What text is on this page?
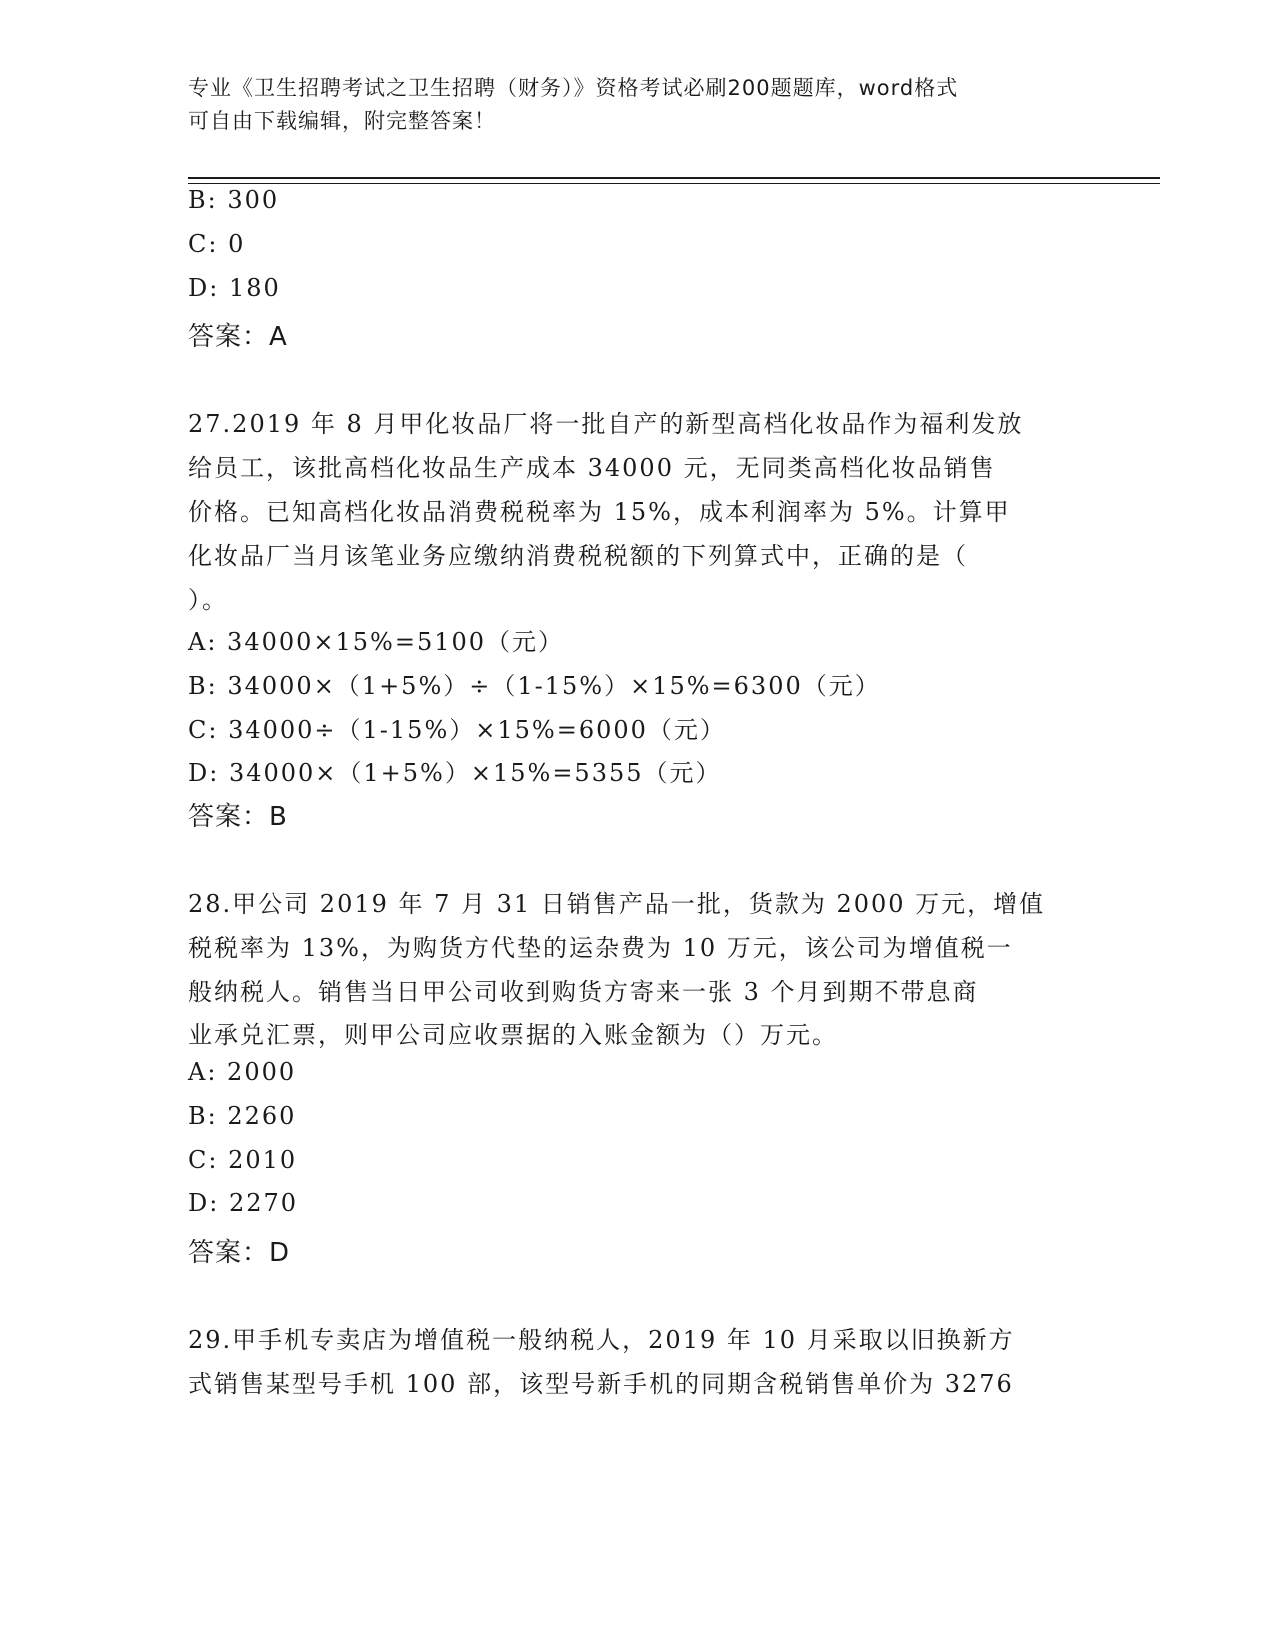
专业《卫生招聘考试之卫生招聘（财务）》资格考试必刷200题题库，word格式
可自由下载编辑，附完整答案！
B: 300
C: 0
D: 180
答案：A
27.2019 年 8 月甲化妆品厂将一批自产的新型高档化妆品作为福利发放
给员工，该批高档化妆品生产成本 34000 元，无同类高档化妆品销售
价格。已知高档化妆品消费税税率为 15%，成本利润率为 5%。计算甲
化妆品厂当月该笔业务应缴纳消费税税额的下列算式中，正确的是（
）。
A: 34000×15%=5100（元）
B: 34000×（1+5%）÷（1-15%）×15%=6300（元）
C: 34000÷（1-15%）×15%=6000（元）
D: 34000×（1+5%）×15%=5355（元）
答案：B
28.甲公司 2019 年 7 月 31 日销售产品一批，货款为 2000 万元，增值
税税率为 13%，为购货方代垫的运杂费为 10 万元，该公司为增值税一
般纳税人。销售当日甲公司收到购货方寄来一张 3 个月到期不带息商
业承兑汇票，则甲公司应收票据的入账金额为（）万元。
A: 2000
B: 2260
C: 2010
D: 2270
答案：D
29.甲手机专卖店为增值税一般纳税人，2019 年 10 月采取以旧换新方
式销售某型号手机 100 部，该型号新手机的同期含税销售单价为 3276
